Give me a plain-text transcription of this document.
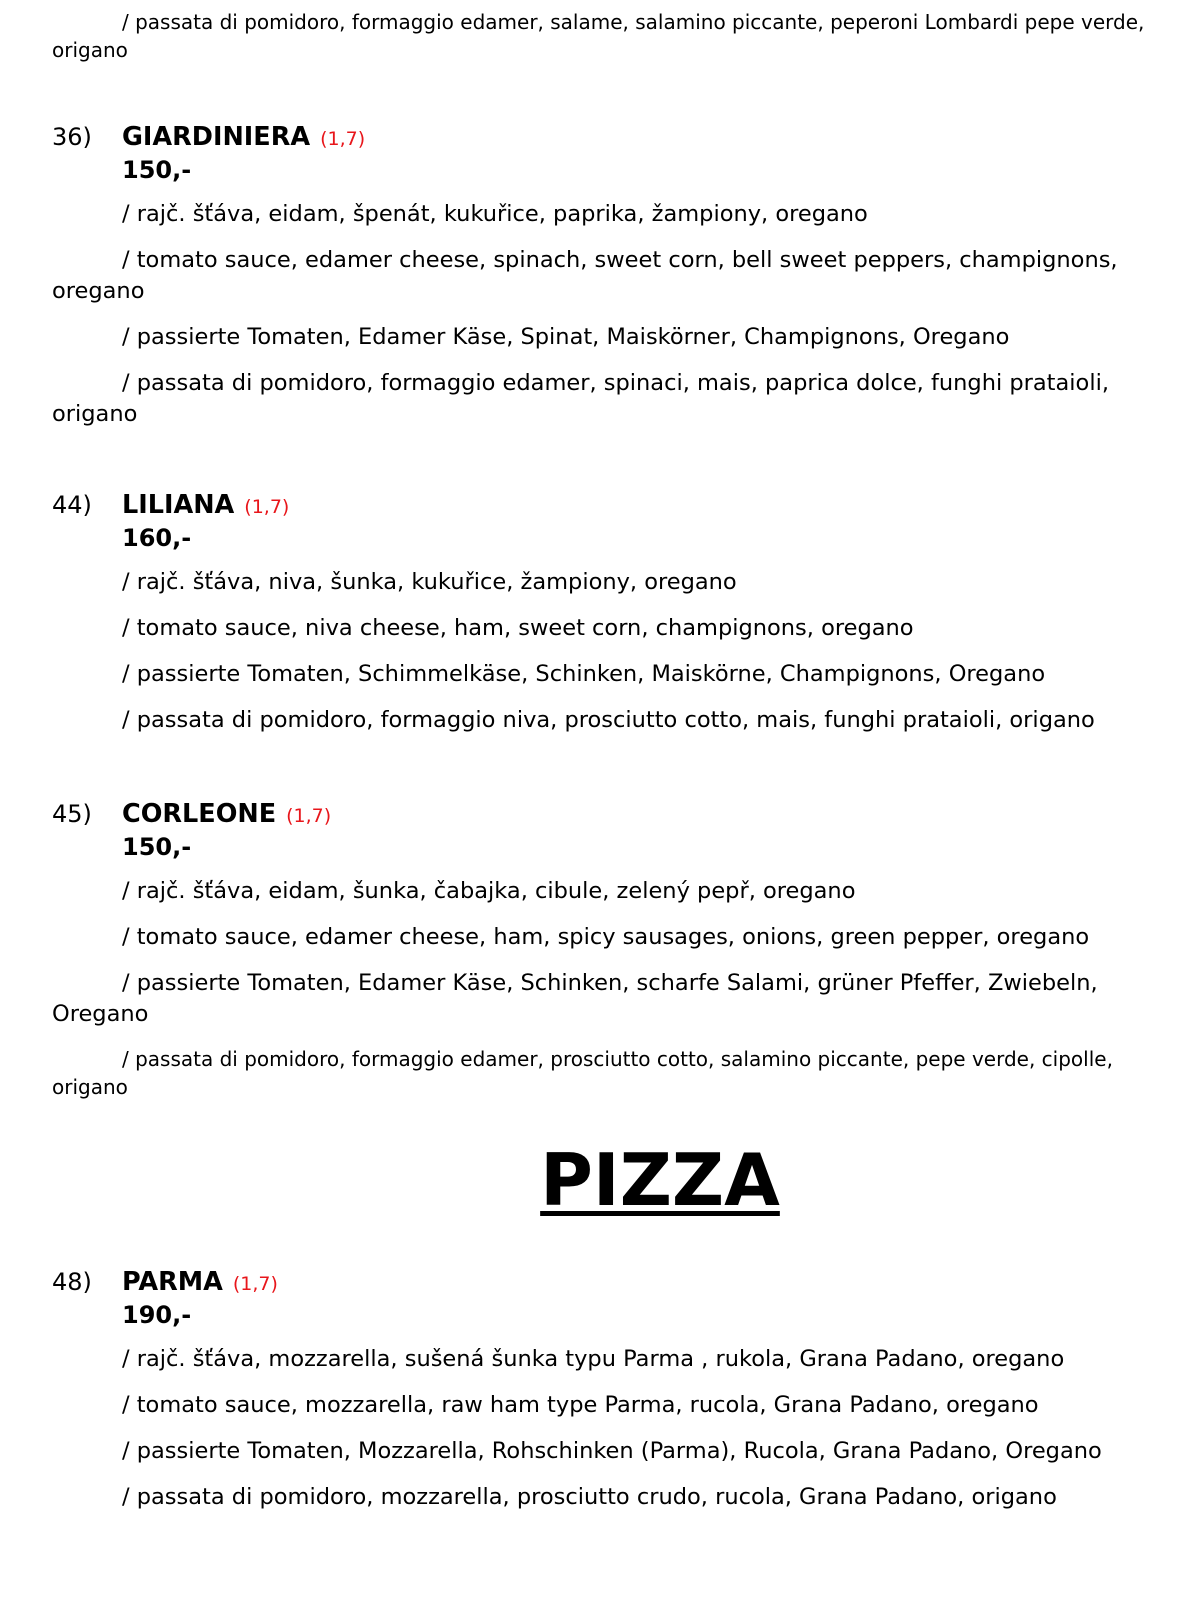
/ passata di pomidoro, formaggio edamer, salame, salamino piccante, peperoni Lombardi pepe verde, origano

36) GIARDINIERA (1,7)
150,-

/ rajč. šťáva, eidam, špenát, kukuřice, paprika, žampiony, oregano

/ tomato sauce, edamer cheese, spinach, sweet corn, bell sweet peppers, champignons, oregano

/ passierte Tomaten, Edamer Käse, Spinat, Maiskörner, Champignons, Oregano

/ passata di pomidoro, formaggio edamer, spinaci, mais, paprica dolce, funghi prataioli, origano

44) LILIANA (1,7)
160,-

/ rajč. šťáva, niva, šunka, kukuřice, žampiony, oregano

/ tomato sauce, niva cheese, ham, sweet corn, champignons, oregano

/ passierte Tomaten, Schimmelkäse, Schinken, Maiskörne, Champignons, Oregano

/ passata di pomidoro, formaggio niva, prosciutto cotto, mais, funghi prataioli, origano

45) CORLEONE (1,7)
150,-

/ rajč. šťáva, eidam, šunka, čabajka, cibule, zelený pepř, oregano

/ tomato sauce, edamer cheese, ham, spicy sausages, onions, green pepper, oregano

/ passierte Tomaten, Edamer Käse, Schinken, scharfe Salami, grüner Pfeffer, Zwiebeln, Oregano

/ passata di pomidoro, formaggio edamer, prosciutto cotto, salamino piccante, pepe verde, cipolle, origano

PIZZA
48) PARMA (1,7)
190,-

/ rajč. šťáva, mozzarella, sušená šunka typu Parma , rukola, Grana Padano, oregano

/ tomato sauce, mozzarella, raw ham type Parma, rucola, Grana Padano, oregano

/ passierte Tomaten, Mozzarella, Rohschinken (Parma), Rucola, Grana Padano, Oregano

/ passata di pomidoro, mozzarella, prosciutto crudo, rucola, Grana Padano, origano
